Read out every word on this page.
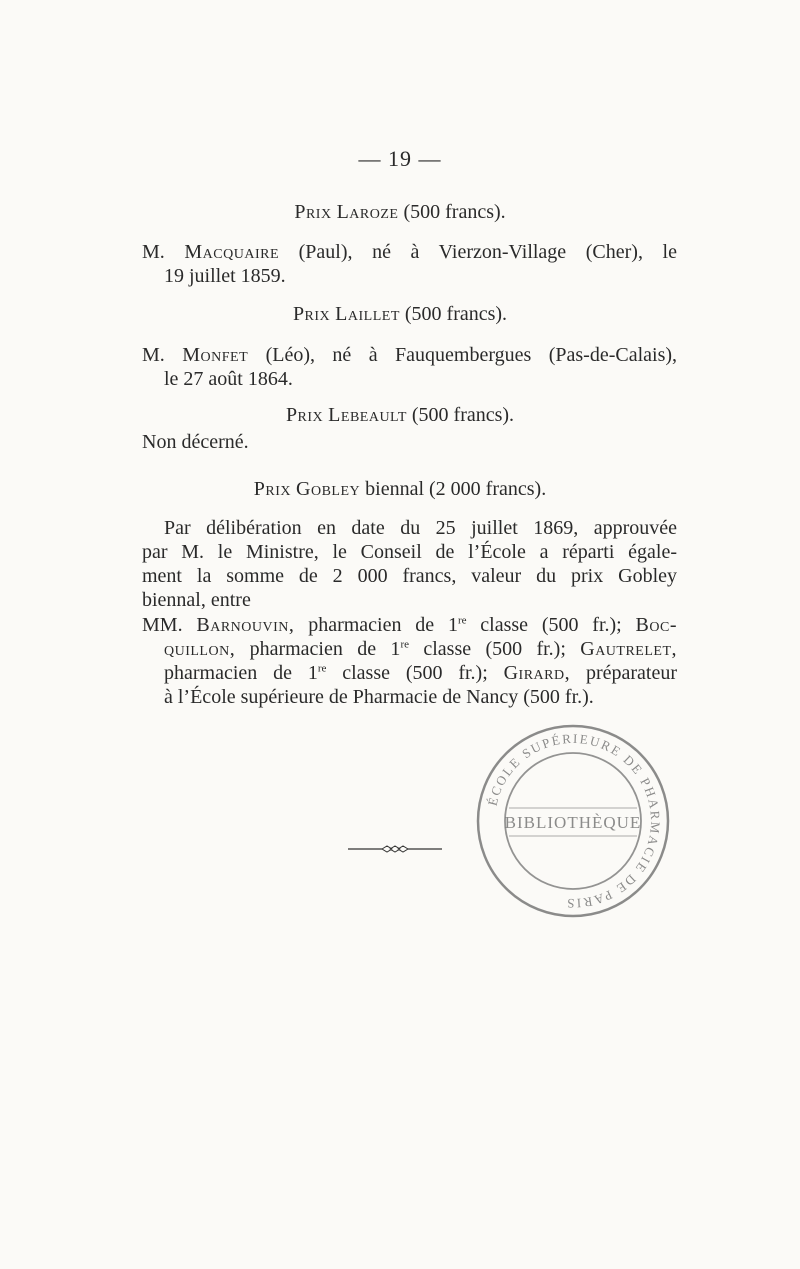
— 19 —
Prix Laroze (500 francs).
M. Macquaire (Paul), né à Vierzon-Village (Cher), le
19 juillet 1859.
Prix Laillet (500 francs).
M. Monfet (Léo), né à Fauquembergues (Pas-de-Calais),
le 27 août 1864.
Prix Lebeault (500 francs).
Non décerné.
Prix Gobley biennal (2 000 francs).
Par délibération en date du 25 juillet 1869, approuvée
par M. le Ministre, le Conseil de l’École a réparti égale-
ment la somme de 2 000 francs, valeur du prix Gobley
biennal, entre
MM. Barnouvin, pharmacien de 1re classe (500 fr.); Boc-
quillon, pharmacien de 1re classe (500 fr.); Gautrelet,
pharmacien de 1re classe (500 fr.); Girard, préparateur
à l’École supérieure de Pharmacie de Nancy (500 fr.).
ÉCOLE SUPÉRIEURE DE PHARMACIE DE PARIS
BIBLIOTHÈQUE
